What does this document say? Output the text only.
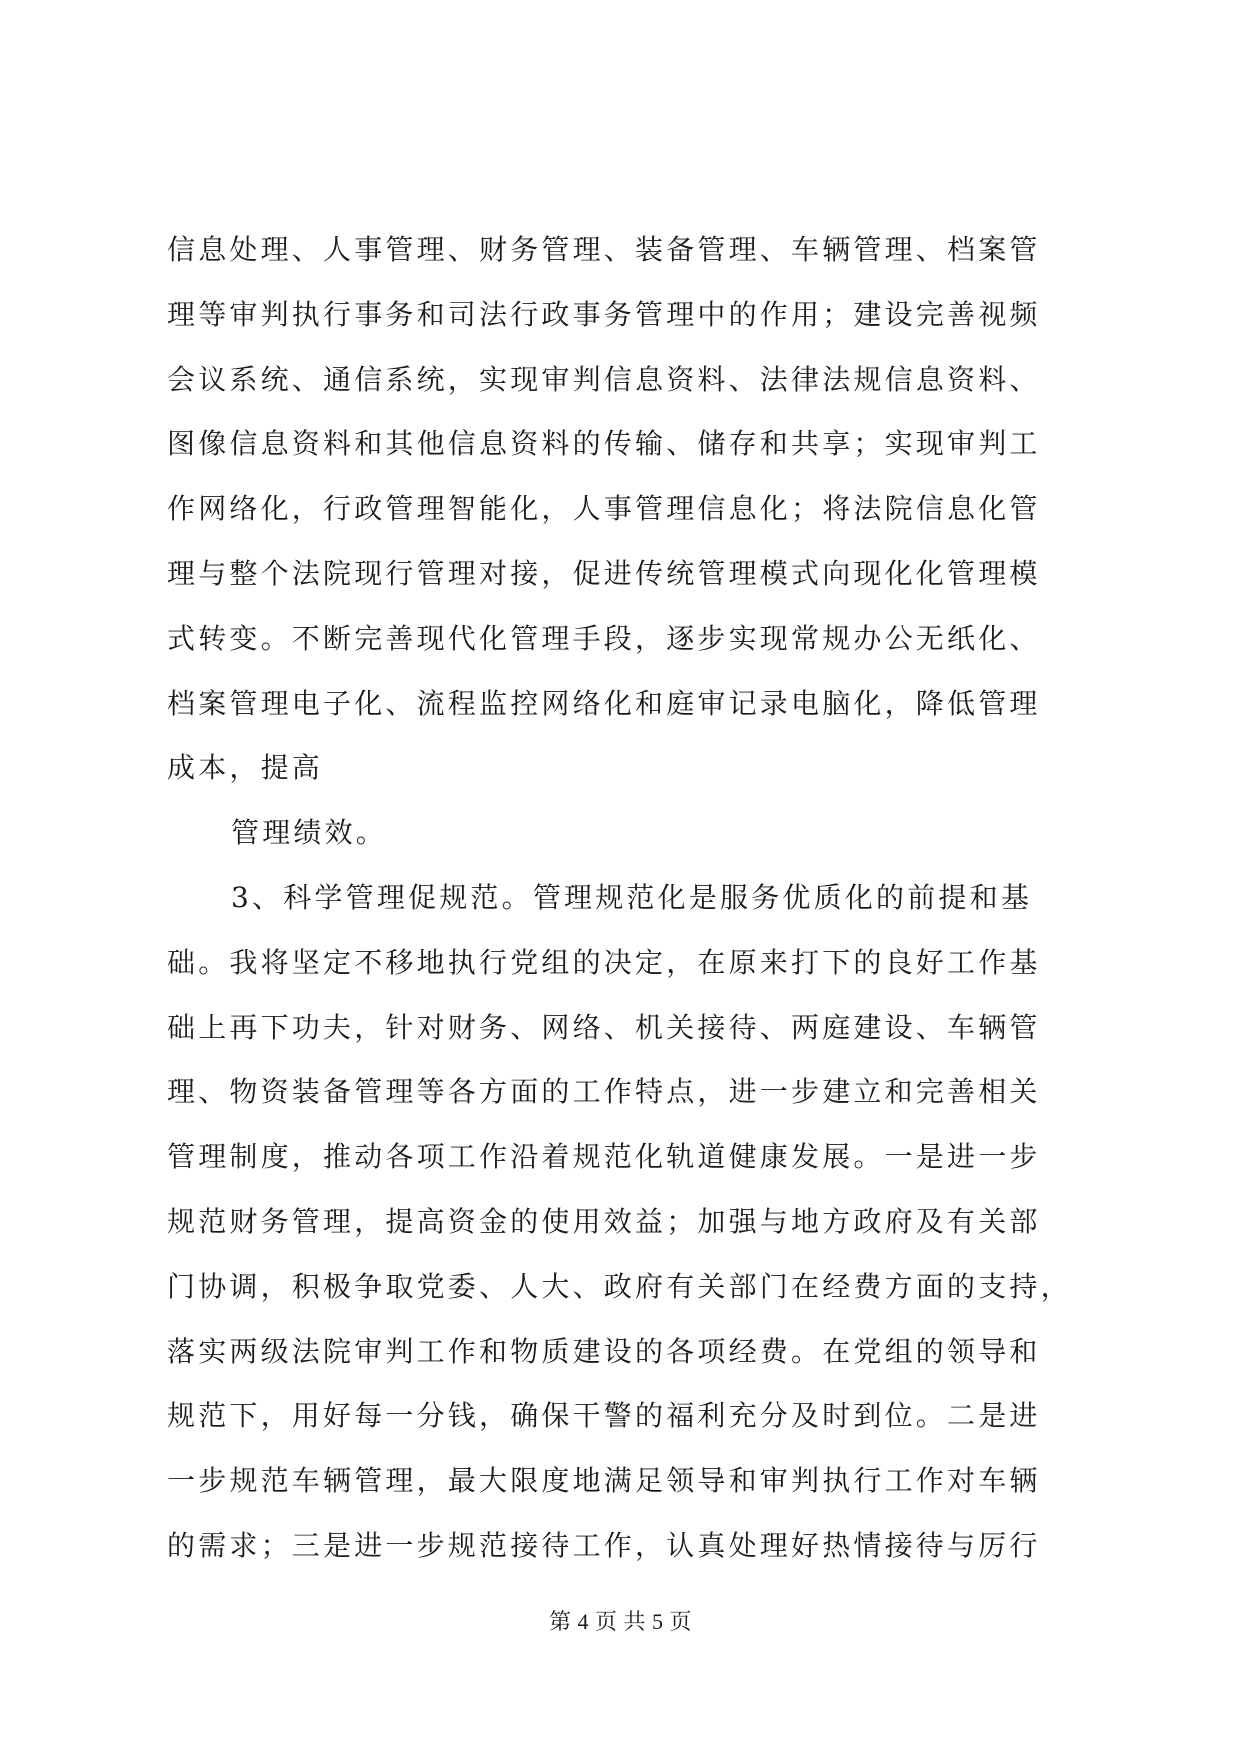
信息处理、人事管理、财务管理、装备管理、车辆管理、档案管
理等审判执行事务和司法行政事务管理中的作用；建设完善视频
会议系统、通信系统，实现审判信息资料、法律法规信息资料、
图像信息资料和其他信息资料的传输、储存和共享；实现审判工
作网络化，行政管理智能化，人事管理信息化；将法院信息化管
理与整个法院现行管理对接，促进传统管理模式向现化化管理模
式转变。不断完善现代化管理手段，逐步实现常规办公无纸化、
档案管理电子化、流程监控网络化和庭审记录电脑化，降低管理
成本，提高
管理绩效。
3、科学管理促规范。管理规范化是服务优质化的前提和基
础。我将坚定不移地执行党组的决定，在原来打下的良好工作基
础上再下功夫，针对财务、网络、机关接待、两庭建设、车辆管
理、物资装备管理等各方面的工作特点，进一步建立和完善相关
管理制度，推动各项工作沿着规范化轨道健康发展。一是进一步
规范财务管理，提高资金的使用效益；加强与地方政府及有关部
门协调，积极争取党委、人大、政府有关部门在经费方面的支持，
落实两级法院审判工作和物质建设的各项经费。在党组的领导和
规范下，用好每一分钱，确保干警的福利充分及时到位。二是进
一步规范车辆管理，最大限度地满足领导和审判执行工作对车辆
的需求；三是进一步规范接待工作，认真处理好热情接待与厉行
第 4 页 共 5 页
